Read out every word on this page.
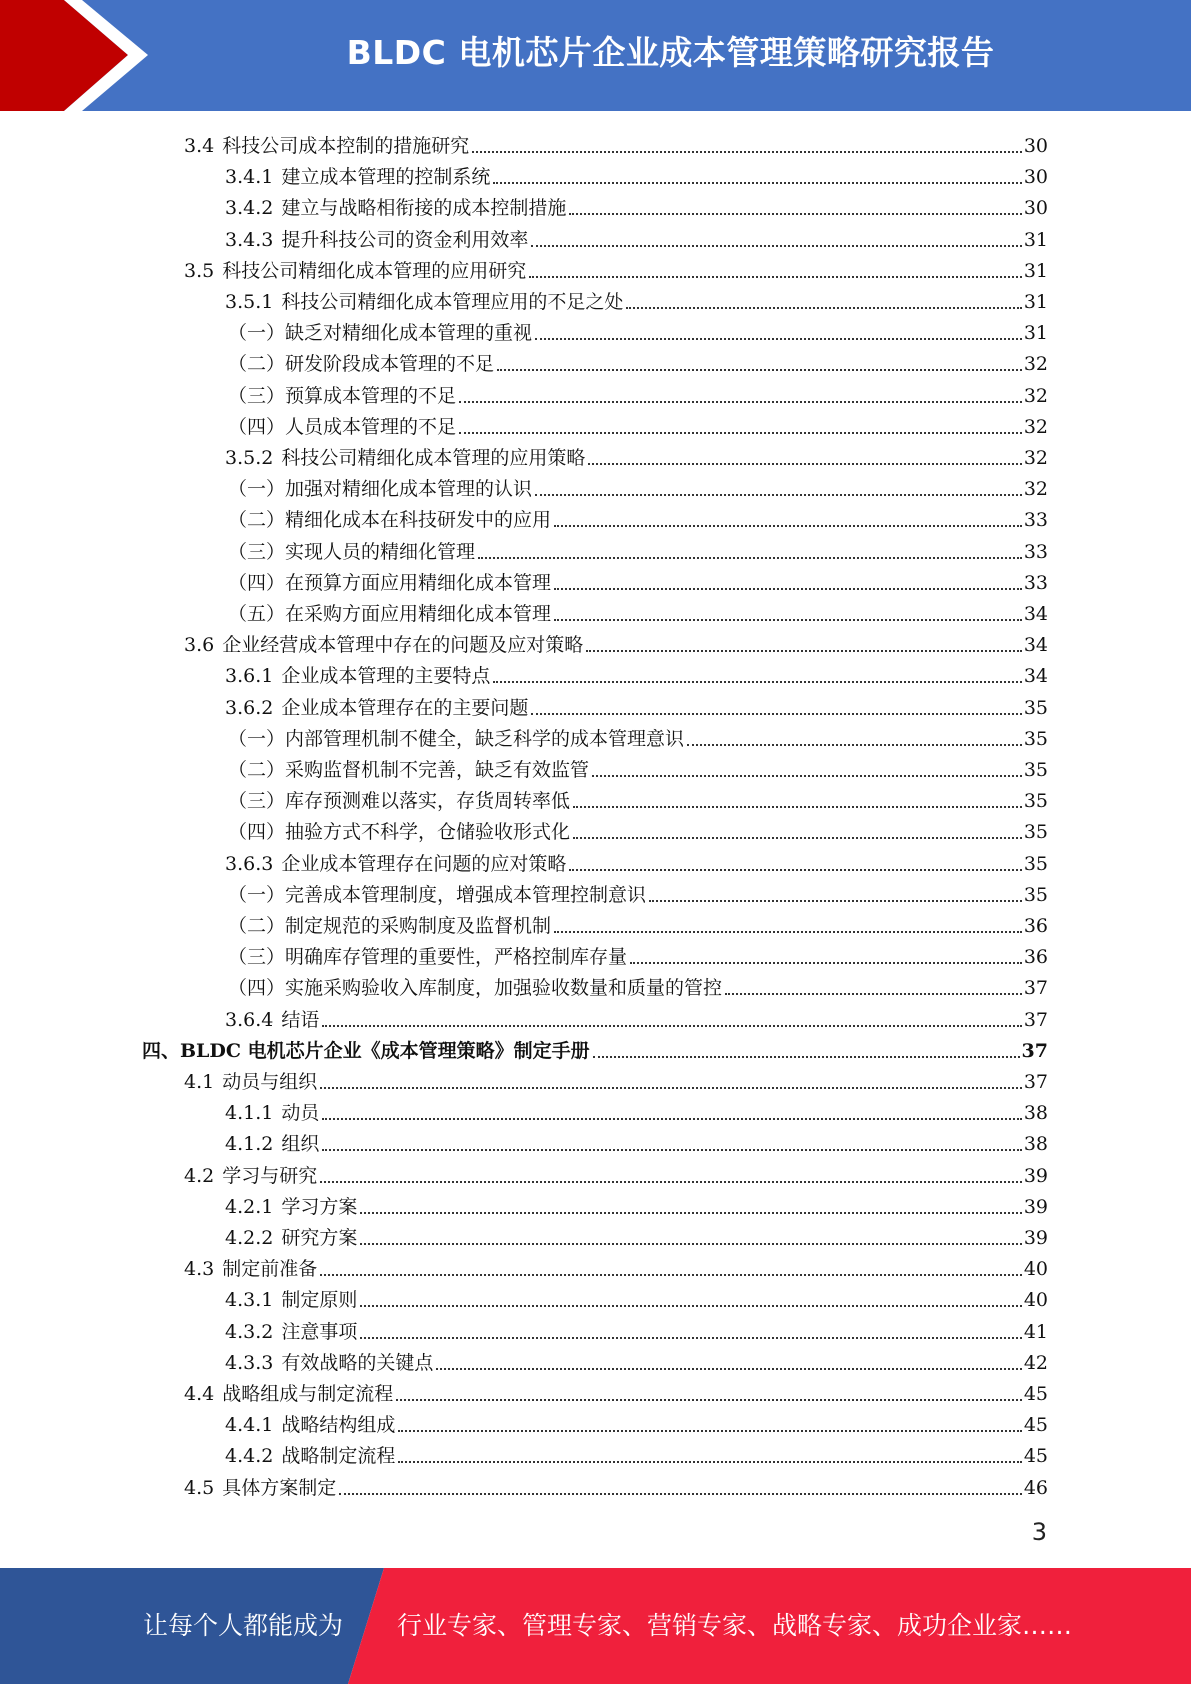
BLDC 电机芯片企业成本管理策略研究报告
3.4 科技公司成本控制的措施研究	30
3.4.1 建立成本管理的控制系统	30
3.4.2 建立与战略相衔接的成本控制措施	30
3.4.3 提升科技公司的资金利用效率	31
3.5 科技公司精细化成本管理的应用研究	31
3.5.1 科技公司精细化成本管理应用的不足之处	31
（一）缺乏对精细化成本管理的重视	31
（二）研发阶段成本管理的不足	32
（三）预算成本管理的不足	32
（四）人员成本管理的不足	32
3.5.2 科技公司精细化成本管理的应用策略	32
（一）加强对精细化成本管理的认识	32
（二）精细化成本在科技研发中的应用	33
（三）实现人员的精细化管理	33
（四）在预算方面应用精细化成本管理	33
（五）在采购方面应用精细化成本管理	34
3.6 企业经营成本管理中存在的问题及应对策略	34
3.6.1 企业成本管理的主要特点	34
3.6.2 企业成本管理存在的主要问题	35
（一）内部管理机制不健全，缺乏科学的成本管理意识	35
（二）采购监督机制不完善，缺乏有效监管	35
（三）库存预测难以落实，存货周转率低	35
（四）抽验方式不科学，仓储验收形式化	35
3.6.3 企业成本管理存在问题的应对策略	35
（一）完善成本管理制度，增强成本管理控制意识	35
（二）制定规范的采购制度及监督机制	36
（三）明确库存管理的重要性，严格控制库存量	36
（四）实施采购验收入库制度，加强验收数量和质量的管控	37
3.6.4 结语	37
四、BLDC 电机芯片企业《成本管理策略》制定手册	37
4.1 动员与组织	37
4.1.1 动员	38
4.1.2 组织	38
4.2 学习与研究	39
4.2.1 学习方案	39
4.2.2 研究方案	39
4.3 制定前准备	40
4.3.1 制定原则	40
4.3.2 注意事项	41
4.3.3 有效战略的关键点	42
4.4 战略组成与制定流程	45
4.4.1 战略结构组成	45
4.4.2 战略制定流程	45
4.5 具体方案制定	46
3
让每个人都能成为 行业专家、管理专家、营销专家、战略专家、成功企业家……
